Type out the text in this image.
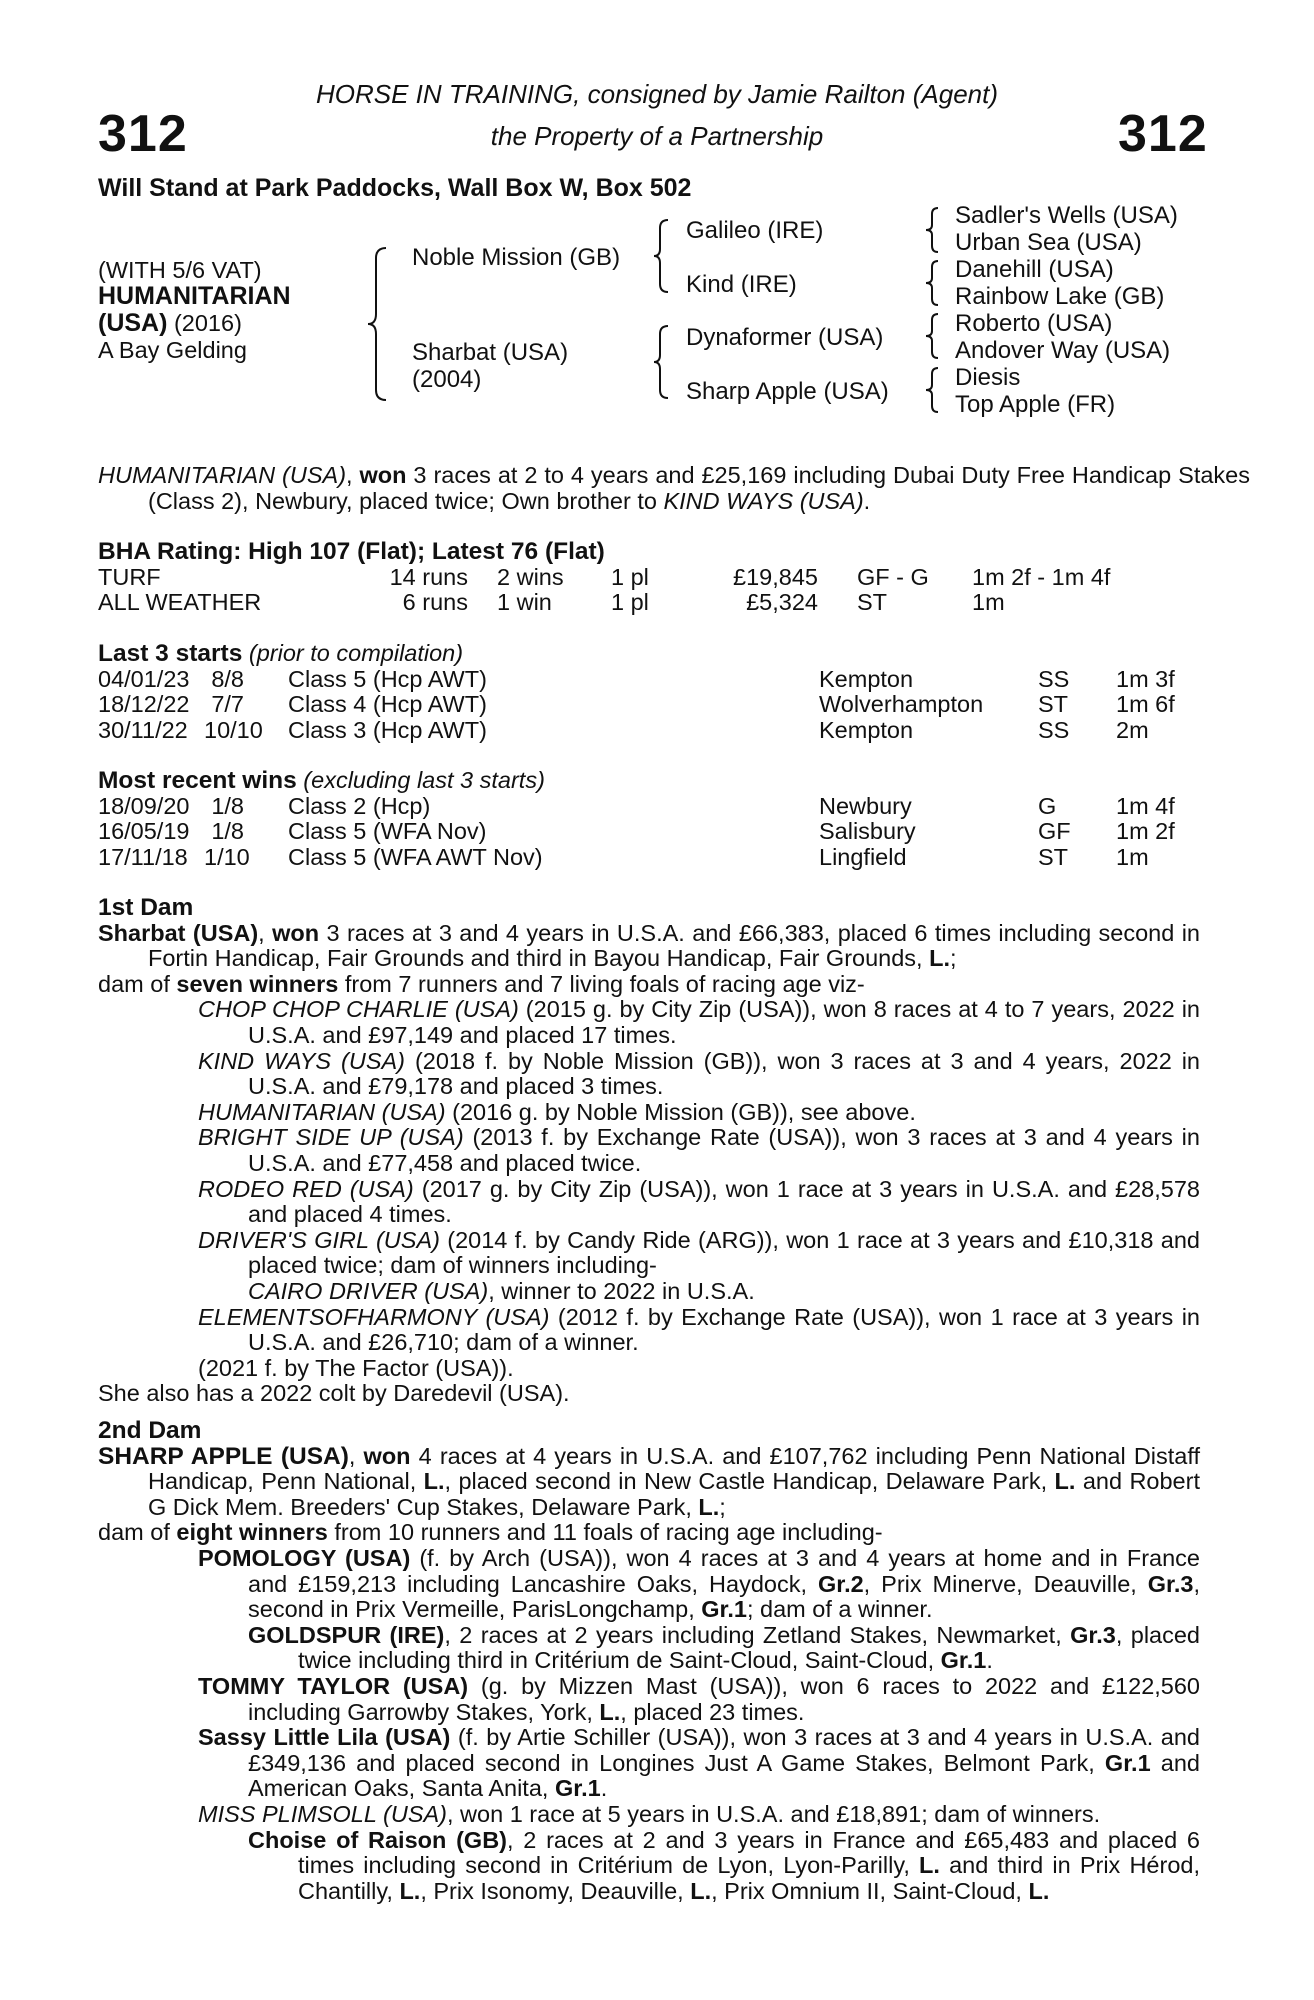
312	312
HORSE IN TRAINING, consigned by Jamie Railton (Agent)
the Property of a Partnership
Will Stand at Park Paddocks, Wall Box W, Box 502
(WITH 5/6 VAT)
HUMANITARIAN
(USA) (2016)
A Bay Gelding
Noble Mission (GB)
Sharbat (USA)
(2004)
Galileo (IRE)
Kind (IRE)
Dynaformer (USA)
Sharp Apple (USA)
Sadler's Wells (USA)
Urban Sea (USA)
Danehill (USA)
Rainbow Lake (GB)
Roberto (USA)
Andover Way (USA)
Diesis
Top Apple (FR)
HUMANITARIAN (USA), won 3 races at 2 to 4 years and £25,169 including Dubai Duty Free Handicap Stakes (Class 2), Newbury, placed twice; Own brother to KIND WAYS (USA).
BHA Rating: High 107 (Flat); Latest 76 (Flat)
TURF	14 runs 2 wins 1 pl	£19,845 GF - G 1m 2f - 1m 4f
ALL WEATHER	6 runs 1 win	1 pl	£5,324 ST	1m
Last 3 starts (prior to compilation)
04/01/23 8/8 Class 5 (Hcp AWT)	Kempton	SS 1m 3f
18/12/22 7/7 Class 4 (Hcp AWT)	Wolverhampton ST 1m 6f
30/11/22 10/10 Class 3 (Hcp AWT)	Kempton	SS 2m
Most recent wins (excluding last 3 starts)
18/09/20 1/8 Class 2 (Hcp)	Newbury	G	1m 4f
16/05/19 1/8 Class 5 (WFA Nov)	Salisbury	GF 1m 2f
17/11/18 1/10 Class 5 (WFA AWT Nov)	Lingfield	ST 1m
1st Dam
Sharbat (USA), won 3 races at 3 and 4 years in U.S.A. and £66,383, placed 6 times including second in Fortin Handicap, Fair Grounds and third in Bayou Handicap, Fair Grounds, L.;
dam of seven winners from 7 runners and 7 living foals of racing age viz-
CHOP CHOP CHARLIE (USA) (2015 g. by City Zip (USA)), won 8 races at 4 to 7 years, 2022 in U.S.A. and £97,149 and placed 17 times.
KIND WAYS (USA) (2018 f. by Noble Mission (GB)), won 3 races at 3 and 4 years, 2022 in U.S.A. and £79,178 and placed 3 times.
HUMANITARIAN (USA) (2016 g. by Noble Mission (GB)), see above.
BRIGHT SIDE UP (USA) (2013 f. by Exchange Rate (USA)), won 3 races at 3 and 4 years in U.S.A. and £77,458 and placed twice.
RODEO RED (USA) (2017 g. by City Zip (USA)), won 1 race at 3 years in U.S.A. and £28,578 and placed 4 times.
DRIVER'S GIRL (USA) (2014 f. by Candy Ride (ARG)), won 1 race at 3 years and £10,318 and placed twice; dam of winners including-
CAIRO DRIVER (USA), winner to 2022 in U.S.A.
ELEMENTSOFHARMONY (USA) (2012 f. by Exchange Rate (USA)), won 1 race at 3 years in U.S.A. and £26,710; dam of a winner.
(2021 f. by The Factor (USA)).
She also has a 2022 colt by Daredevil (USA).
2nd Dam
SHARP APPLE (USA), won 4 races at 4 years in U.S.A. and £107,762 including Penn National Distaff Handicap, Penn National, L., placed second in New Castle Handicap, Delaware Park, L. and Robert G Dick Mem. Breeders' Cup Stakes, Delaware Park, L.;
dam of eight winners from 10 runners and 11 foals of racing age including-
POMOLOGY (USA) (f. by Arch (USA)), won 4 races at 3 and 4 years at home and in France and £159,213 including Lancashire Oaks, Haydock, Gr.2, Prix Minerve, Deauville, Gr.3, second in Prix Vermeille, ParisLongchamp, Gr.1; dam of a winner.
GOLDSPUR (IRE), 2 races at 2 years including Zetland Stakes, Newmarket, Gr.3, placed twice including third in Critérium de Saint-Cloud, Saint-Cloud, Gr.1.
TOMMY TAYLOR (USA) (g. by Mizzen Mast (USA)), won 6 races to 2022 and £122,560 including Garrowby Stakes, York, L., placed 23 times.
Sassy Little Lila (USA) (f. by Artie Schiller (USA)), won 3 races at 3 and 4 years in U.S.A. and £349,136 and placed second in Longines Just A Game Stakes, Belmont Park, Gr.1 and American Oaks, Santa Anita, Gr.1.
MISS PLIMSOLL (USA), won 1 race at 5 years in U.S.A. and £18,891; dam of winners.
Choise of Raison (GB), 2 races at 2 and 3 years in France and £65,483 and placed 6 times including second in Critérium de Lyon, Lyon-Parilly, L. and third in Prix Hérod, Chantilly, L., Prix Isonomy, Deauville, L., Prix Omnium II, Saint-Cloud, L.
